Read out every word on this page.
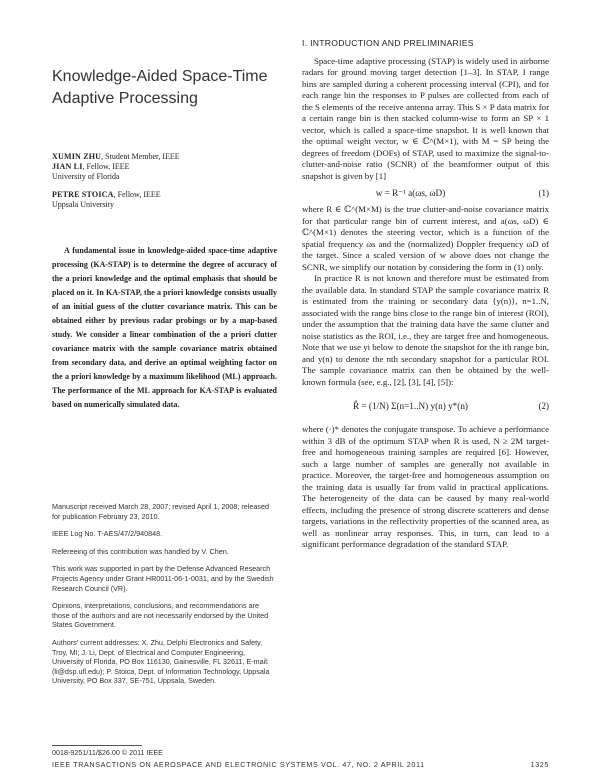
Knowledge-Aided Space-Time Adaptive Processing
XUMIN ZHU, Student Member, IEEE
JIAN LI, Fellow, IEEE
University of Florida
PETRE STOICA, Fellow, IEEE
Uppsala University
A fundamental issue in knowledge-aided space-time adaptive processing (KA-STAP) is to determine the degree of accuracy of the a priori knowledge and the optimal emphasis that should be placed on it. In KA-STAP, the a priori knowledge consists usually of an initial guess of the clutter covariance matrix. This can be obtained either by previous radar probings or by a map-based study. We consider a linear combination of the a priori clutter covariance matrix with the sample covariance matrix obtained from secondary data, and derive an optimal weighting factor on the a priori knowledge by a maximum likelihood (ML) approach. The performance of the ML approach for KA-STAP is evaluated based on numerically simulated data.

Manuscript received March 28, 2007; revised April 1, 2008; released for publication February 23, 2010.

IEEE Log No. T-AES/47/2/940848.

Refereeing of this contribution was handled by V. Chen.

This work was supported in part by the Defense Advanced Research Projects Agency under Grant HR0011-06-1-0031, and by the Swedish Research Council (VR).

Opinions, interpretations, conclusions, and recommendations are those of the authors and are not necessarily endorsed by the United States Government.

Authors' current addresses: X. Zhu, Delphi Electronics and Safety, Troy, MI; J. Li, Dept. of Electrical and Computer Engineering, University of Florida, PO Box 116130, Gainesville, FL 32611, E-mail: (li@dsp.ufl.edu); P. Stoica, Dept. of Information Technology, Uppsala University, PO Box 337, SE-751, Uppsala, Sweden.

0018-9251/11/$26.00 © 2011 IEEE
I. INTRODUCTION AND PRELIMINARIES

Space-time adaptive processing (STAP) is widely used in airborne radars for ground moving target detection [1–3]. In STAP, I range bins are sampled during a coherent processing interval (CPI), and for each range bin the responses to P pulses are collected from each of the S elements of the receive antenna array. This S × P data matrix for a certain range bin is then stacked column-wise to form an SP × 1 vector, which is called a space-time snapshot. It is well known that the optimal weight vector, w ∈ ℂ^(M×1), with M = SP being the degrees of freedom (DOFs) of STAP, used to maximize the signal-to-clutter-and-noise ratio (SCNR) of the beamformer output of this snapshot is given by [1]

w = R⁻¹ a(ωs, ωD)	(1)

where R ∈ ℂ^(M×M) is the true clutter-and-noise covariance matrix for that particular range bin of current interest, and a(ωs, ωD) ∈ ℂ^(M×1) denotes the steering vector, which is a function of the spatial frequency ωs and the (normalized) Doppler frequency ωD of the target. Since a scaled version of w above does not change the SCNR, we simplify our notation by considering the form in (1) only.

In practice R is not known and therefore must be estimated from the available data. In standard STAP the sample covariance matrix R is estimated from the training or secondary data {y(n)}, n=1..N, associated with the range bins close to the range bin of interest (ROI), under the assumption that the training data have the same clutter and noise statistics as the ROI, i.e., they are target free and homogeneous. Note that we use yi below to denote the snapshot for the ith range bin, and y(n) to denote the nth secondary snapshot for a particular ROI. The sample covariance matrix can then be obtained by the well-known formula (see, e.g., [2], [3], [4], [5]):

R̂ = (1/N) Σ(n=1..N) y(n) y*(n)	(2)

where (·)* denotes the conjugate transpose. To achieve a performance within 3 dB of the optimum STAP when R is used, N ≥ 2M target-free and homogeneous training samples are required [6]. However, such a large number of samples are generally not available in practice. Moreover, the target-free and homogeneous assumption on the training data is usually far from valid in practical applications. The heterogeneity of the data can be caused by many real-world effects, including the presence of strong discrete scatterers and dense targets, variations in the reflectivity properties of the scanned area, as well as nonlinear array responses. This, in turn, can lead to a significant performance degradation of the standard STAP.

IEEE TRANSACTIONS ON AEROSPACE AND ELECTRONIC SYSTEMS VOL. 47, NO. 2 APRIL 2011	1325
